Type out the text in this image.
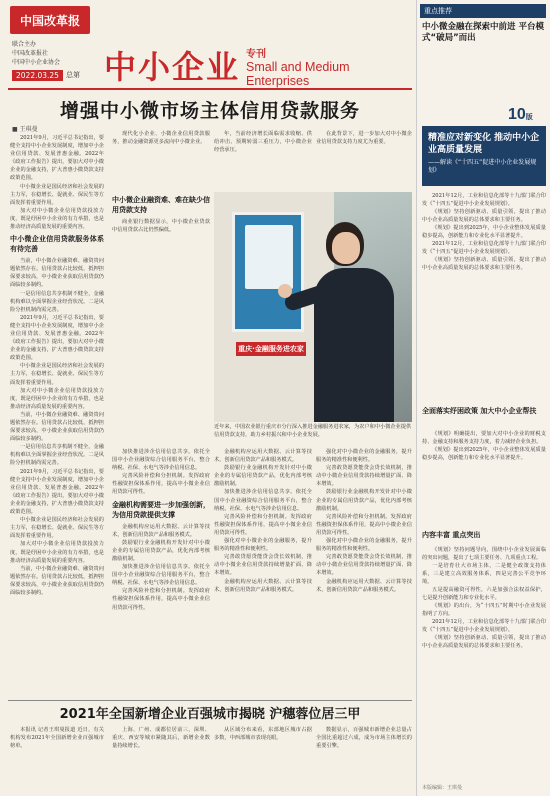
中国改革报
联合主办
中国改革报社
中国中小企业协会
2022.03.25	总第 中小企业 专刊
Small and Medium Enterprises
增强中小微市场主体信用贷款服务
■ 王琪曼

2021年9月，习近平总书记指出，要健全支持中小企业发展制度，增加中小企业信用贷款、发展普惠金融。2022年《政府工作报告》提出，要加大对中小微企业的金融支持，扩大普惠小微贷款支持政策范围。

中小微企业是国民经济和社会发展的主力军，在稳增长、促就业、保民生等方面发挥着重要作用。

加大对中小微企业信用贷款投放力度，既是纾困中小企业的有力举措，也是推动经济高质量发展的重要内容。

中小微企业信用贷款服务体系有待完善

当前，中小微企业融资难、融资贵问题依然存在。信用贷款占比较低，抵押担保要求较高，中小微企业获取信用贷款仍面临较多制约。

一是信用信息共享机制不健全，金融机构难以全面掌握企业经营状况。二是风险分担机制尚需完善。

2021年9月，习近平总书记指出，要健全支持中小企业发展制度，增加中小企业信用贷款、发展普惠金融。2022年《政府工作报告》提出，要加大对中小微企业的金融支持，扩大普惠小微贷款支持政策范围。

中小微企业是国民经济和社会发展的主力军，在稳增长、促就业、保民生等方面发挥着重要作用。

加大对中小微企业信用贷款投放力度，既是纾困中小企业的有力举措，也是推动经济高质量发展的重要内容。

当前，中小微企业融资难、融资贵问题依然存在。信用贷款占比较低，抵押担保要求较高，中小微企业获取信用贷款仍面临较多制约。

一是信用信息共享机制不健全，金融机构难以全面掌握企业经营状况。二是风险分担机制尚需完善。

2021年9月，习近平总书记指出，要健全支持中小企业发展制度，增加中小企业信用贷款、发展普惠金融。2022年《政府工作报告》提出，要加大对中小微企业的金融支持，扩大普惠小微贷款支持政策范围。

中小微企业是国民经济和社会发展的主力军，在稳增长、促就业、保民生等方面发挥着重要作用。

加大对中小微企业信用贷款投放力度，既是纾困中小企业的有力举措，也是推动经济高质量发展的重要内容。

当前，中小微企业融资难、融资贵问题依然存在。信用贷款占比较低，抵押担保要求较高，中小微企业获取信用贷款仍面临较多制约。

现代化小企业、小微企业信用贷款服务，推动金融资源更多流向中小微企业。

年，当前经济增长面临需求收缩、供给冲击、预期转弱三重压力，中小微企业经营承压。

在此背景下，进一步加大对中小微企业信用贷款支持力度尤为重要。

中小微企业融资难、难在缺少信用贷款支持

商业银行数据显示，中小微企业贷款中信用贷款占比仍然偏低。

重庆·金融服务进农家
近年来，中国农业银行重庆市分行深入推进金融服务进农家，为农户和中小微企业提供信用贷款支持，助力乡村振兴和中小企业发展。

加快推进涉企信用信息共享。依托全国中小企业融资综合信用服务平台，整合纳税、社保、水电气等涉企信用信息。

完善风险补偿和分担机制。发挥政府性融资担保体系作用，提高中小微企业信用贷款可得性。

金融机构需要进一步加强创新，为信用贷款提供支撑

金融机构应运用大数据、云计算等技术，创新信用贷款产品和服务模式。

鼓励银行业金融机构开发针对中小微企业的专属信用贷款产品，优化内部考核激励机制。

加快推进涉企信用信息共享。依托全国中小企业融资综合信用服务平台，整合纳税、社保、水电气等涉企信用信息。

完善风险补偿和分担机制。发挥政府性融资担保体系作用，提高中小微企业信用贷款可得性。

金融机构应运用大数据、云计算等技术，创新信用贷款产品和服务模式。

鼓励银行业金融机构开发针对中小微企业的专属信用贷款产品，优化内部考核激励机制。

加快推进涉企信用信息共享。依托全国中小企业融资综合信用服务平台，整合纳税、社保、水电气等涉企信用信息。

完善风险补偿和分担机制。发挥政府性融资担保体系作用，提高中小微企业信用贷款可得性。

强化对中小微企业的金融服务，提升服务的精准性和便利性。

完善敢贷愿贷能贷会贷长效机制，推动中小微企业信用贷款持续增量扩面、降本增效。

金融机构应运用大数据、云计算等技术，创新信用贷款产品和服务模式。

强化对中小微企业的金融服务，提升服务的精准性和便利性。

完善敢贷愿贷能贷会贷长效机制，推动中小微企业信用贷款持续增量扩面、降本增效。

鼓励银行业金融机构开发针对中小微企业的专属信用贷款产品，优化内部考核激励机制。

完善风险补偿和分担机制。发挥政府性融资担保体系作用，提高中小微企业信用贷款可得性。

强化对中小微企业的金融服务，提升服务的精准性和便利性。

完善敢贷愿贷能贷会贷长效机制，推动中小微企业信用贷款持续增量扩面、降本增效。

金融机构应运用大数据、云计算等技术，创新信用贷款产品和服务模式。

2021年全国新增企业百强城市揭晓 沪穗蓉位居三甲

本报讯 记者王琪曼报道 近日，有关机构发布2021年全国新增企业百强城市榜单。

上海、广州、成都位居前三，深圳、重庆、西安等城市紧随其后，新增企业数量持续增长。

从区域分布来看，东部地区城市占据多数，中西部城市表现亮眼。

数据显示，百强城市新增企业总量占全国比重超过六成，成为市场主体增长的重要引擎。

重点推荐
中小微金融在探索中前进 平台模式“破局”而出
10版
精准应对新变化 推动中小企业高质量发展
——解读《“十四五”促进中小企业发展规划》

2021年12月，工业和信息化部等十九部门联合印发《“十四五”促进中小企业发展规划》。

《规划》坚持创新驱动、质量引领，提出了推动中小企业高质量发展的总体要求和主要任务。

《规划》提出到2025年，中小企业整体发展质量稳步提高，创新能力和专业化水平显著提升。

2021年12月，工业和信息化部等十九部门联合印发《“十四五”促进中小企业发展规划》。

《规划》坚持创新驱动、质量引领，提出了推动中小企业高质量发展的总体要求和主要任务。

全面落实纾困政策 加大中小企业帮扶

《规划》明确提出，要加大对中小企业的财税支持、金融支持和服务支持力度，着力减轻企业负担。

《规划》提出到2025年，中小企业整体发展质量稳步提高，创新能力和专业化水平显著提升。

内容丰富 重点突出

《规划》坚持问题导向，围绕中小企业发展面临的突出问题，提出了七项主要任务、九项重点工程。

一是培育壮大市场主体，二是健全政策支持体系，三是建立高效服务体系，四是完善公平竞争环境。

五是提高融资可得性，六是加强合法权益保护，七是提升创新能力和专业化水平。

《规划》的出台，为“十四五”时期中小企业发展指明了方向。

2021年12月，工业和信息化部等十九部门联合印发《“十四五”促进中小企业发展规划》。

《规划》坚持创新驱动、质量引领，提出了推动中小企业高质量发展的总体要求和主要任务。

本版编辑：王琪曼
